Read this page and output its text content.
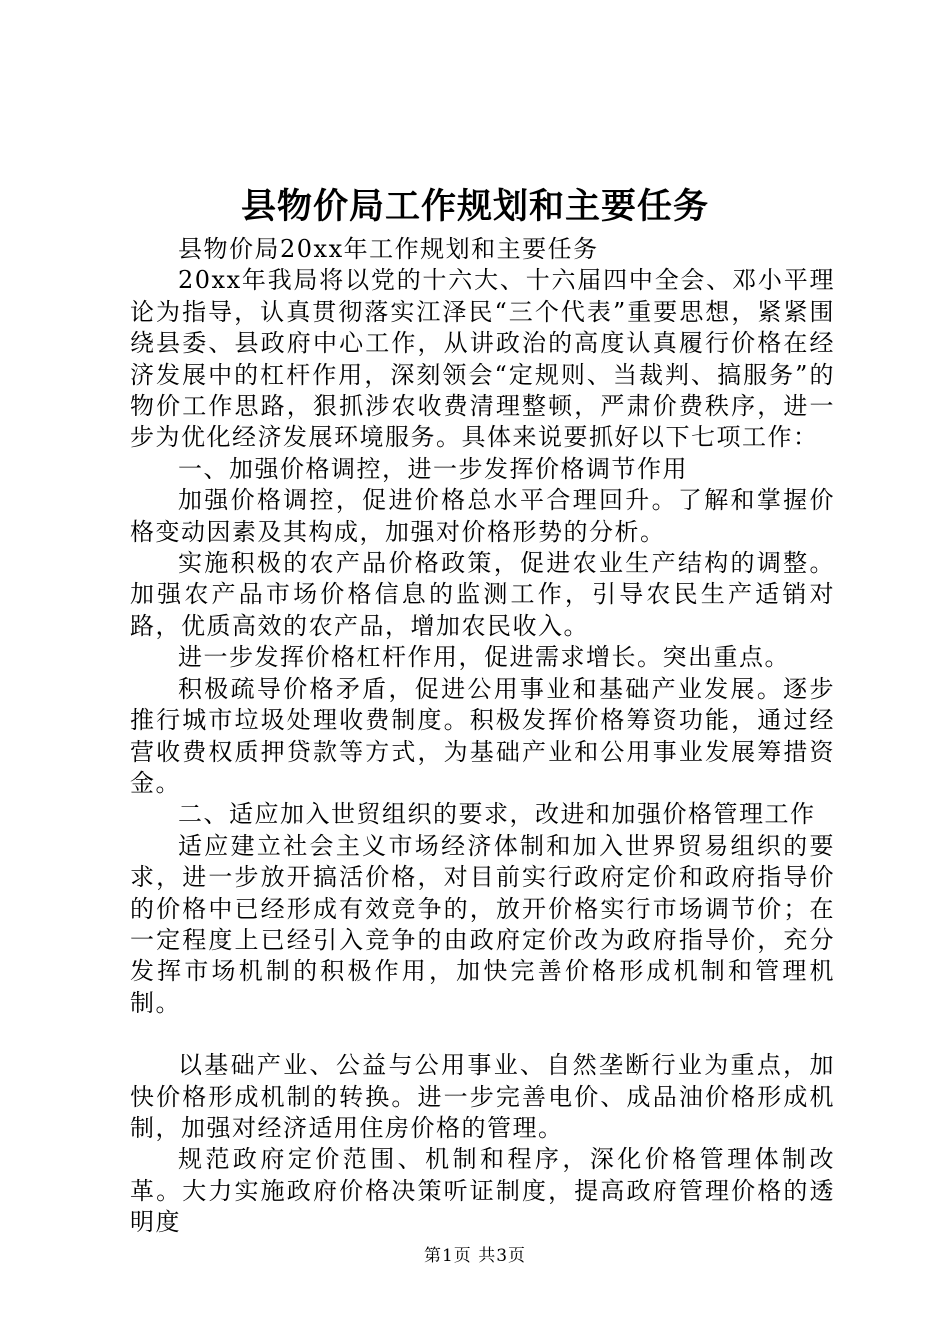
县物价局工作规划和主要任务

县物价局20xx年工作规划和主要任务

20xx年我局将以党的十六大、十六届四中全会、邓小平理论为指导，认真贯彻落实江泽民“三个代表”重要思想，紧紧围绕县委、县政府中心工作，从讲政治的高度认真履行价格在经济发展中的杠杆作用，深刻领会“定规则、当裁判、搞服务”的物价工作思路，狠抓涉农收费清理整顿，严肃价费秩序，进一步为优化经济发展环境服务。具体来说要抓好以下七项工作：

一、加强价格调控，进一步发挥价格调节作用

加强价格调控，促进价格总水平合理回升。了解和掌握价格变动因素及其构成，加强对价格形势的分析。

实施积极的农产品价格政策，促进农业生产结构的调整。加强农产品市场价格信息的监测工作，引导农民生产适销对路，优质高效的农产品，增加农民收入。

进一步发挥价格杠杆作用，促进需求增长。突出重点。

积极疏导价格矛盾，促进公用事业和基础产业发展。逐步推行城市垃圾处理收费制度。积极发挥价格筹资功能，通过经营收费权质押贷款等方式，为基础产业和公用事业发展筹措资金。

二、适应加入世贸组织的要求，改进和加强价格管理工作

适应建立社会主义市场经济体制和加入世界贸易组织的要求，进一步放开搞活价格，对目前实行政府定价和政府指导价的价格中已经形成有效竞争的，放开价格实行市场调节价；在一定程度上已经引入竞争的由政府定价改为政府指导价，充分发挥市场机制的积极作用，加快完善价格形成机制和管理机制。

以基础产业、公益与公用事业、自然垄断行业为重点，加快价格形成机制的转换。进一步完善电价、成品油价格形成机制，加强对经济适用住房价格的管理。

规范政府定价范围、机制和程序，深化价格管理体制改革。大力实施政府价格决策听证制度，提高政府管理价格的透明度

第1页 共3页
